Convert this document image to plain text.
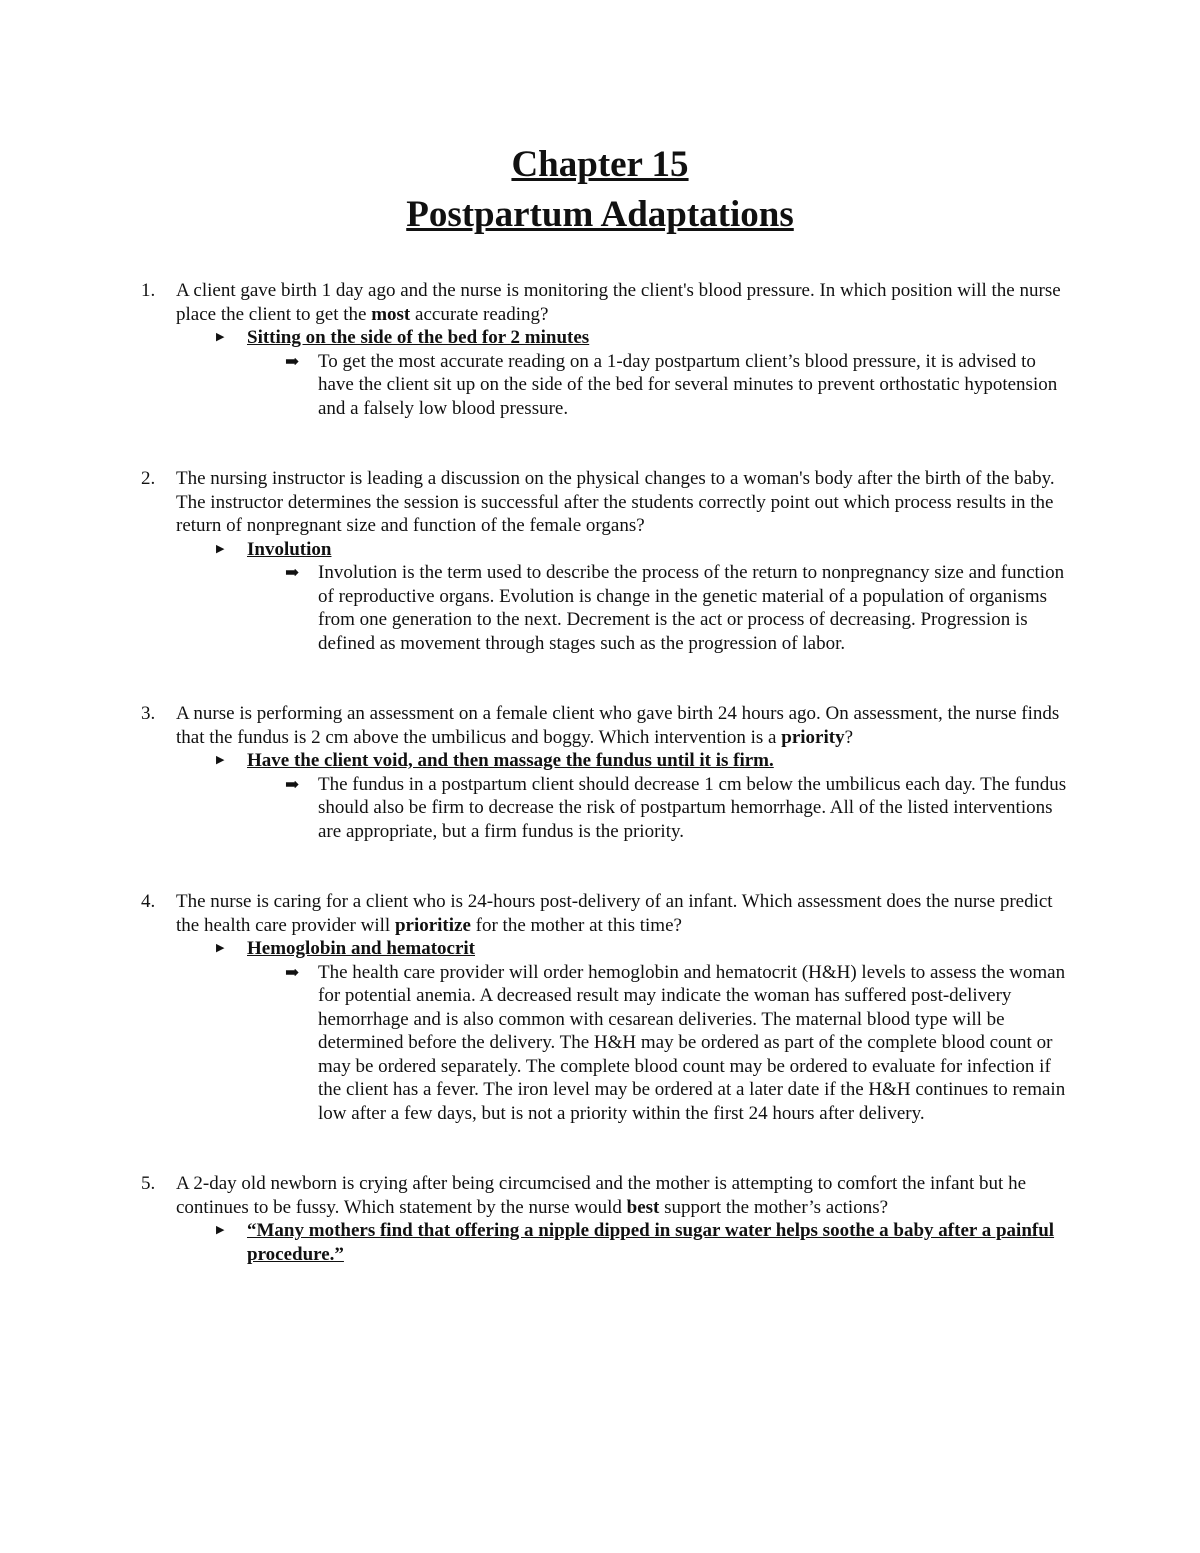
Chapter 15

Postpartum Adaptations

1. A client gave birth 1 day ago and the nurse is monitoring the client's blood pressure. In which position will the nurse place the client to get the most accurate reading?
▶ Sitting on the side of the bed for 2 minutes
➡ To get the most accurate reading on a 1-day postpartum client’s blood pressure, it is advised to have the client sit up on the side of the bed for several minutes to prevent orthostatic hypotension and a falsely low blood pressure.
2. The nursing instructor is leading a discussion on the physical changes to a woman's body after the birth of the baby. The instructor determines the session is successful after the students correctly point out which process results in the return of nonpregnant size and function of the female organs?
▶ Involution
➡ Involution is the term used to describe the process of the return to nonpregnancy size and function of reproductive organs. Evolution is change in the genetic material of a population of organisms from one generation to the next. Decrement is the act or process of decreasing. Progression is defined as movement through stages such as the progression of labor.
3. A nurse is performing an assessment on a female client who gave birth 24 hours ago. On assessment, the nurse finds that the fundus is 2 cm above the umbilicus and boggy. Which intervention is a priority?
▶ Have the client void, and then massage the fundus until it is firm.
➡ The fundus in a postpartum client should decrease 1 cm below the umbilicus each day. The fundus should also be firm to decrease the risk of postpartum hemorrhage. All of the listed interventions are appropriate, but a firm fundus is the priority.
4. The nurse is caring for a client who is 24-hours post-delivery of an infant. Which assessment does the nurse predict the health care provider will prioritize for the mother at this time?
▶ Hemoglobin and hematocrit
➡ The health care provider will order hemoglobin and hematocrit (H&H) levels to assess the woman for potential anemia. A decreased result may indicate the woman has suffered post-delivery hemorrhage and is also common with cesarean deliveries. The maternal blood type will be determined before the delivery. The H&H may be ordered as part of the complete blood count or may be ordered separately. The complete blood count may be ordered to evaluate for infection if the client has a fever. The iron level may be ordered at a later date if the H&H continues to remain low after a few days, but is not a priority within the first 24 hours after delivery.
5. A 2-day old newborn is crying after being circumcised and the mother is attempting to comfort the infant but he continues to be fussy. Which statement by the nurse would best support the mother’s actions?
▶ “Many mothers find that offering a nipple dipped in sugar water helps soothe a baby after a painful procedure.”
